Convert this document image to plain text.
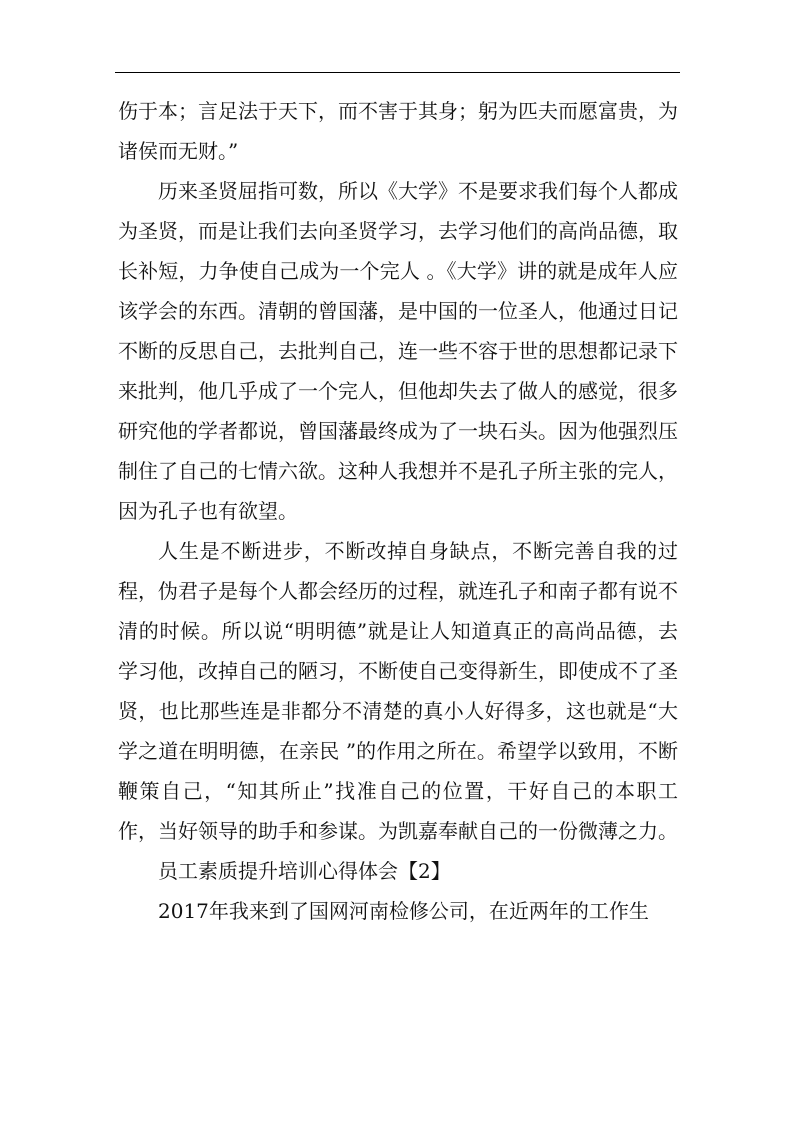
伤于本；言足法于天下，而不害于其身；躬为匹夫而愿富贵，为诸侯而无财。”

历来圣贤屈指可数，所以《大学》不是要求我们每个人都成为圣贤，而是让我们去向圣贤学习，去学习他们的高尚品德，取长补短，力争使自己成为一个完人 。《大学》讲的就是成年人应该学会的东西。清朝的曾国藩，是中国的一位圣人，他通过日记不断的反思自己，去批判自己，连一些不容于世的思想都记录下来批判，他几乎成了一个完人，但他却失去了做人的感觉，很多研究他的学者都说，曾国藩最终成为了一块石头。因为他强烈压制住了自己的七情六欲。这种人我想并不是孔子所主张的完人，因为孔子也有欲望。

人生是不断进步，不断改掉自身缺点，不断完善自我的过程，伪君子是每个人都会经历的过程，就连孔子和南子都有说不清的时候。所以说“明明德”就是让人知道真正的高尚品德，去学习他，改掉自己的陋习，不断使自己变得新生，即使成不了圣贤，也比那些连是非都分不清楚的真小人好得多，这也就是“大学之道在明明德，在亲民 ”的作用之所在。希望学以致用，不断鞭策自己，“知其所止”找准自己的位置，干好自己的本职工作，当好领导的助手和参谋。为凯嘉奉献自己的一份微薄之力。

员工素质提升培训心得体会【2】

2017年我来到了国网河南检修公司，在近两年的工作生
